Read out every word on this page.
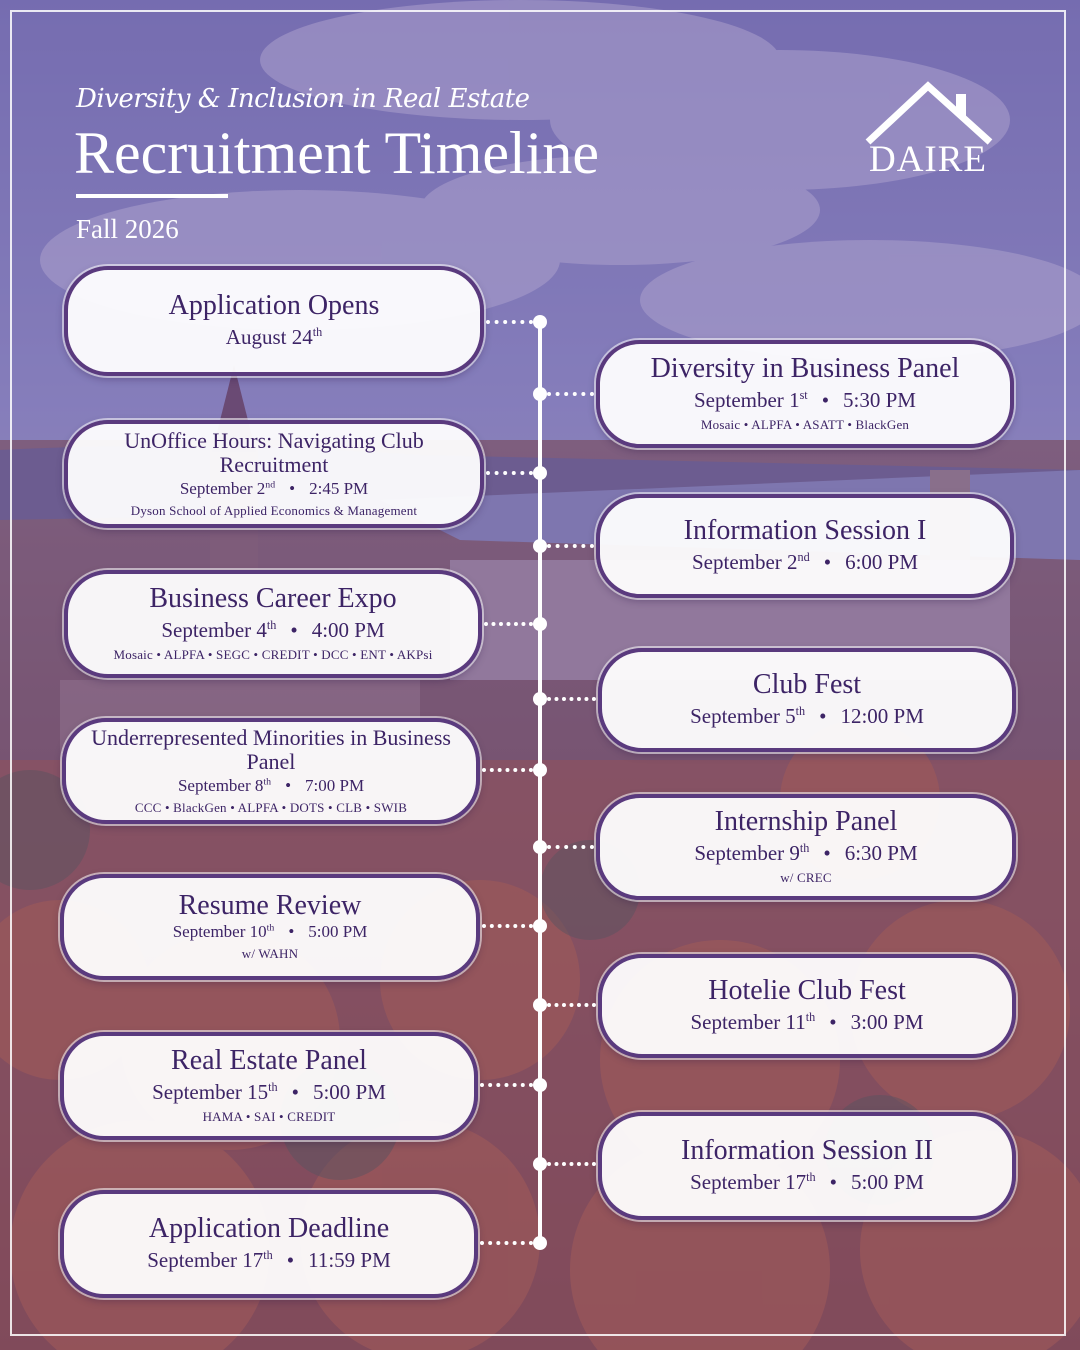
Diversity & Inclusion in Real Estate
Recruitment Timeline
Fall 2026
DAIRE
Application Opens
August 24th
Diversity in Business Panel
September 1st • 5:30 PM
Mosaic • ALPFA • ASATT • BlackGen
UnOffice Hours: Navigating Club Recruitment
September 2nd • 2:45 PM
Dyson School of Applied Economics & Management
Information Session I
September 2nd • 6:00 PM
Business Career Expo
September 4th • 4:00 PM
Mosaic • ALPFA • SEGC • CREDIT • DCC • ENT • AKPsi
Club Fest
September 5th • 12:00 PM
Underrepresented Minorities in Business Panel
September 8th • 7:00 PM
CCC • BlackGen • ALPFA • DOTS • CLB • SWIB	Internship Panel
September 9th • 6:30 PM
w/ CREC
Resume Review
September 10th • 5:00 PM
w/ WAHN
Hotelie Club Fest
September 11th • 3:00 PM
Real Estate Panel
September 15th • 5:00 PM
HAMA • SAI • CREDIT
Information Session II
September 17th • 5:00 PM
Application Deadline
September 17th • 11:59 PM
